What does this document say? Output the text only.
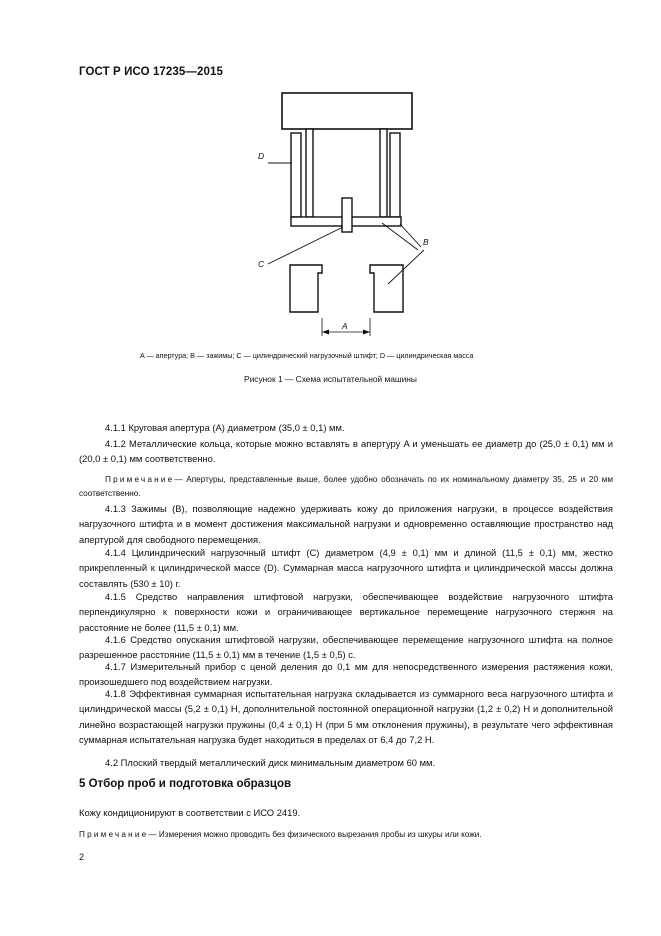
ГОСТ Р ИСО 17235—2015
D
C
B
A
A — апертура; B — зажимы; C — цилиндрический нагрузочный штифт; D — цилиндрическая масса
Рисунок 1 — Схема испытательной машины
4.1.1 Круговая апертура (A) диаметром (35,0 ± 0,1) мм.
4.1.2 Металлические кольца, которые можно вставлять в апертуру A и уменьшать ее диаметр до (25,0 ± 0,1) мм и (20,0 ± 0,1) мм соответственно.
Примечание— Апертуры, представленные выше, более удобно обозначать по их номинальному диаметру 35, 25 и 20 мм соответственно.
4.1.3 Зажимы (B), позволяющие надежно удерживать кожу до приложения нагрузки, в процессе воздействия нагрузочного штифта и в момент достижения максимальной нагрузки и одновременно оставляющие пространство над апертурой для свободного перемещения.
4.1.4 Цилиндрический нагрузочный штифт (C) диаметром (4,9 ± 0,1) мм и длиной (11,5 ± 0,1) мм, жестко прикрепленный к цилиндрической массе (D). Суммарная масса нагрузочного штифта и цилиндрической массы должна составлять (530 ± 10) г.
4.1.5 Средство направления штифтовой нагрузки, обеспечивающее воздействие нагрузочного штифта перпендикулярно к поверхности кожи и ограничивающее вертикальное перемещение нагрузочного стержня на расстояние не более (11,5 ± 0,1) мм.
4.1.6 Средство опускания штифтовой нагрузки, обеспечивающее перемещение нагрузочного штифта на полное разрешенное расстояние (11,5 ± 0,1) мм в течение (1,5 ± 0,5) с.
4.1.7 Измерительный прибор с ценой деления до 0,1 мм для непосредственного измерения растяжения кожи, произошедшего под воздействием нагрузки.
4.1.8 Эффективная суммарная испытательная нагрузка складывается из суммарного веса нагрузочного штифта и цилиндрической массы (5,2 ± 0,1) Н, дополнительной постоянной операционной нагрузки (1,2 ± 0,2) Н и дополнительной линейно возрастающей нагрузки пружины (0,4 ± 0,1) Н (при 5 мм отклонения пружины), в результате чего эффективная суммарная испытательная нагрузка будет находиться в пределах от 6,4 до 7,2 Н.
4.2 Плоский твердый металлический диск минимальным диаметром 60 мм.
5 Отбор проб и подготовка образцов
Кожу кондиционируют в соответствии с ИСО 2419.
Примечание— Измерения можно проводить без физического вырезания пробы из шкуры или кожи.
2
